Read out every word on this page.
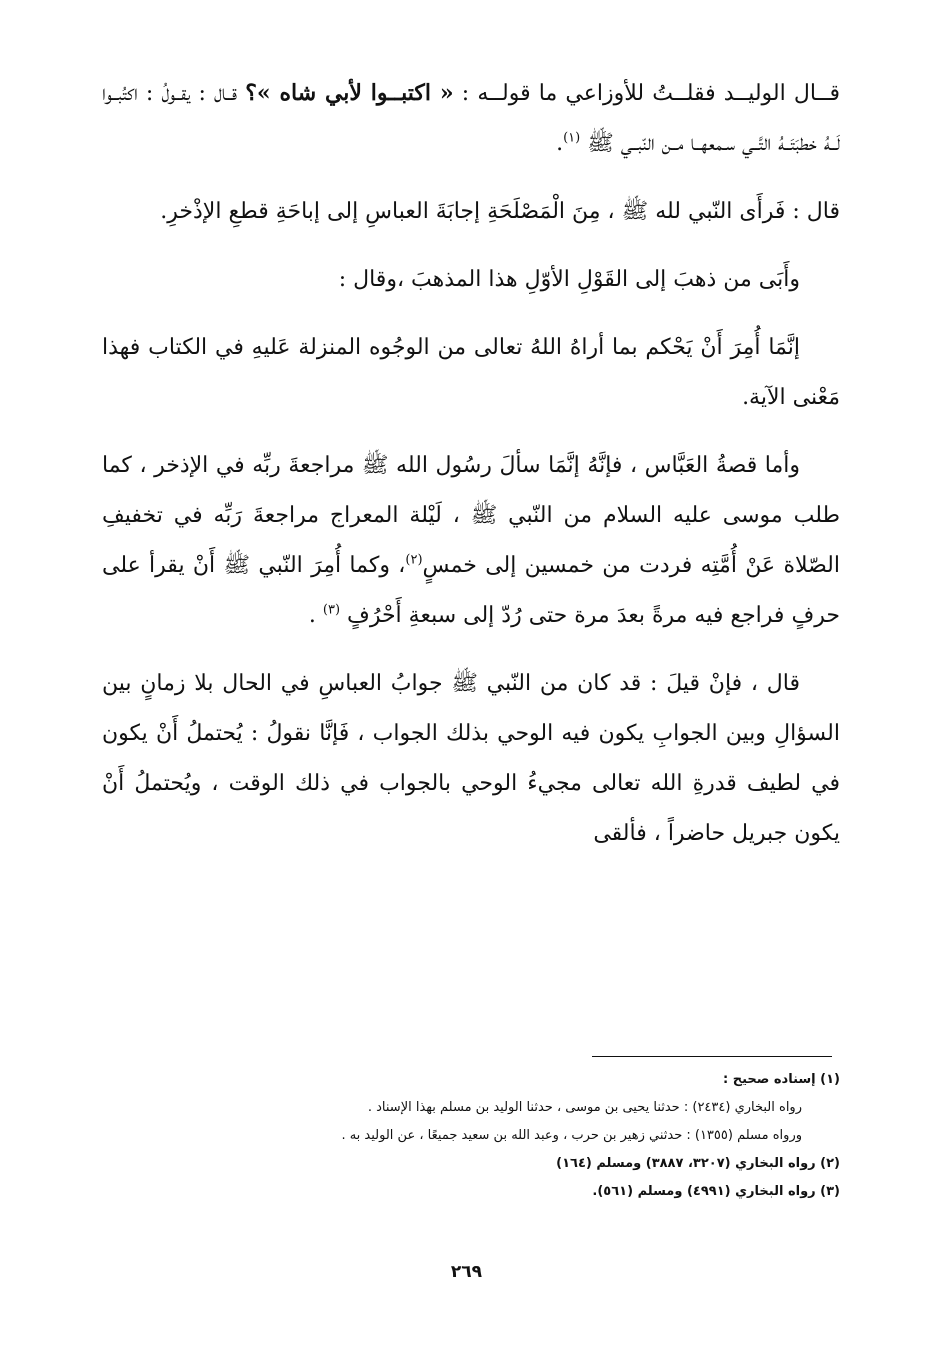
قــال الوليــد فقلــتُ للأوزاعي ما قولــه : « اكتبــوا لأبي شاه »؟ قــال : يقــولُ : اكتُبــوا لَــهُ خطبَتَــهُ التَّــي سـمعهــا مــن النّبــي ﷺ $^{(١)}$.

قال : فَرأَى النّبي لله ﷺ ، مِنَ الْمَصْلَحَةِ إجابَةَ العباسِ إلى إباحَةِ قطعِ الإذْخرِ.

وأَبَى من ذهبَ إلى القَوْلِ الأوّلِ هذا المذهبَ ،وقال :

إنَّمَا أُمِرَ أَنْ يَحْكم بما أراهُ اللهُ تعالى من الوجُوه المنزلة عَليهِ في الكتاب فهذا مَعْنى الآية.

وأما قصةُ العَبَّاس ، فإنَّهُ إنَّمَا سألَ رسُول الله ﷺ مراجعةَ ربِّه في الإذخر ، كما طلب موسى عليه السلام من النّبي ﷺ ، لَيْلة المعراج مراجعةَ رَبِّه في تخفيفِ الصّلاة عَنْ أُمَّتِه فردت من خمسين إلى خمسٍ$^{(٢)}$، وكما أُمِرَ النّبي ﷺ أَنْ يقرأ على حرفٍ فراجع فيه مرةً بعدَ مرة حتى رُدّ إلى سبعةِ أَحْرُفٍ $^{(٣)}$ .

قال ، فإنْ قيلَ : قد كان من النّبي ﷺ جوابُ العباسِ في الحال بلا زمانٍ بين السؤالِ وبين الجوابِ يكون فيه الوحي بذلك الجواب ، فَإنَّا نقولُ : يُحتملُ أَنْ يكون في لطيف قدرةِ الله تعالى مجيءُ الوحي بالجواب في ذلك الوقت ، ويُحتملُ أَنْ يكون جبريل حاضراً ، فألقى

(١) إسناده صحيح :
رواه البخاري (٢٤٣٤) : حدثنا يحيى بن موسى ، حدثنا الوليد بن مسلم بهذا الإسناد .
ورواه مسلم (١٣٥٥) : حدثني زهير بن حرب ، وعبد الله بن سعيد جميعًا ، عن الوليد به .
(٢) رواه البخاري (٣٢٠٧، ٣٨٨٧) ومسلم (١٦٤)
(٣) رواه البخاري (٤٩٩١) ومسلم (٥٦١).
٢٦٩
